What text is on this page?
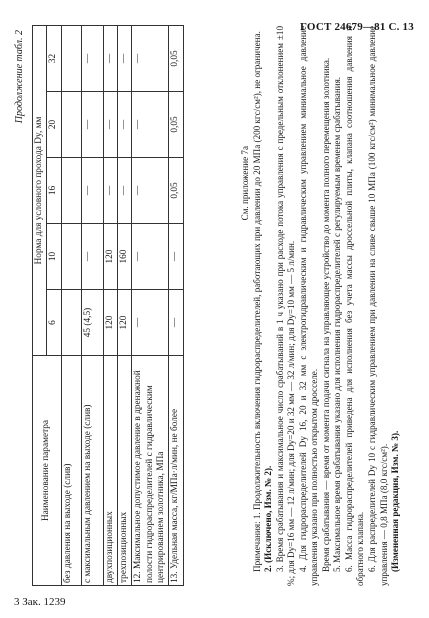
ГОСТ 24679—81 С. 13
Продолжение табл. 2
Наименование параметра	Норма для условного прохода Dy, мм				
	6	10	16	20	32
без давления на выходе (слив)					
с максимальным давлением на выходе (слив)	45 (4,5)	—	—	—	—
двухпозиционных	120	120	—	—	—
трехпозиционных	120	160	—	—	—
12. Максимальное допустимое давление в дренажной полости гидрораспределителей с гидравлическим центрированием золотника, МПа	—	—	—	—	—
13. Удельная масса, кг/МПа·л/мин, не более	—	—	0,05	0,05	0,05

См. приложение 7а Примечания: 1. Продолжительность включения гидрораспределителей, работающих при давлении до 20 МПа (200 кгс/см²), не ограничена. 2. (Исключено, Изм. № 2). 3. Время срабатывания и максимальное число срабатываний в 1 ч указано при расходе потока управления с предельным отклонением ±10 %; для Dy=16 мм — 12 л/мин; для Dy=20 и 32 мм — 32 л/мин; для Dy=10 мм — 5 л/мин. 4. Для гидрораспределителей Dy 16, 20 и 32 мм с электрогидравлическим и гидравлическим управлением минимальное давление управления указано при полностью открытом дросселе. Время срабатывания — время от момента подачи сигнала на управляющее устройство до момента полного перемещения золотника. 5. Максимальное время срабатывания указано для исполнения гидрораспределителей с регулируемым временем срабатывания. 6. Масса гидрораспределителей приведена для исполнения без учета массы дроссельной плиты, клапана соотношения давления и обратного клапана. 6. Для распределителей Dy 10 с гидравлическим управлением при давлении на сливе свыше 10 МПа (100 кгс/см²) минимальное давление управления — 0,8 МПа (8,0 кгс/см²). (Измененная редакция, Изм. № 3).

3 Зак. 1239
